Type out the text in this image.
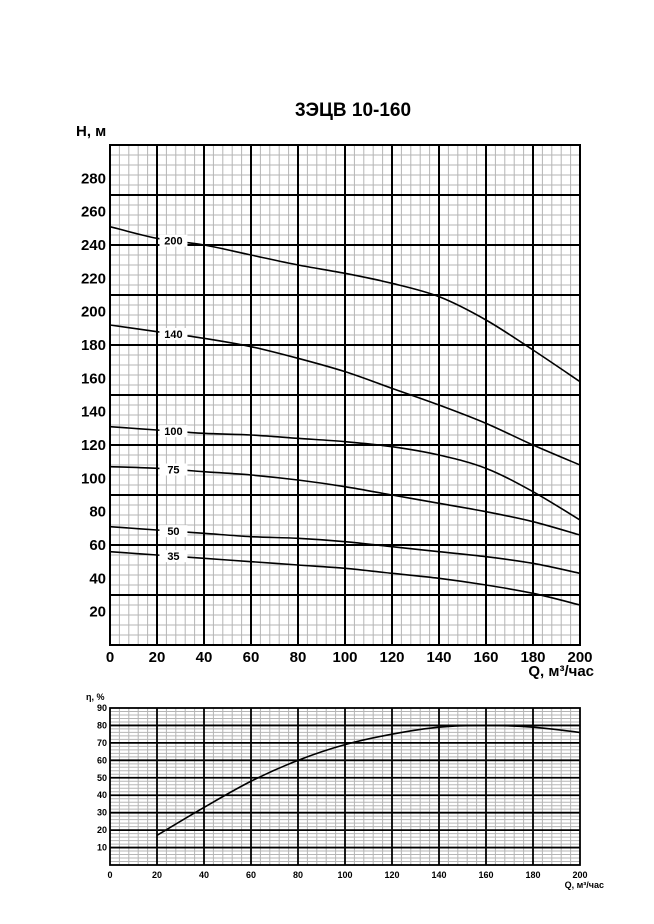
3ЭЦВ 10-160
0 20 40 60 80 100 120 140 160 180 200
20
40
60
80
100
120
140
160
180
200
220
240
260
280
H, м
Q, м³/час
200
140
100
75
50
35
0	20	40	60	80	100	120	140	160	180	200
10
20
30
40
50
60
70
80
90
η, %
Q, м³/час
